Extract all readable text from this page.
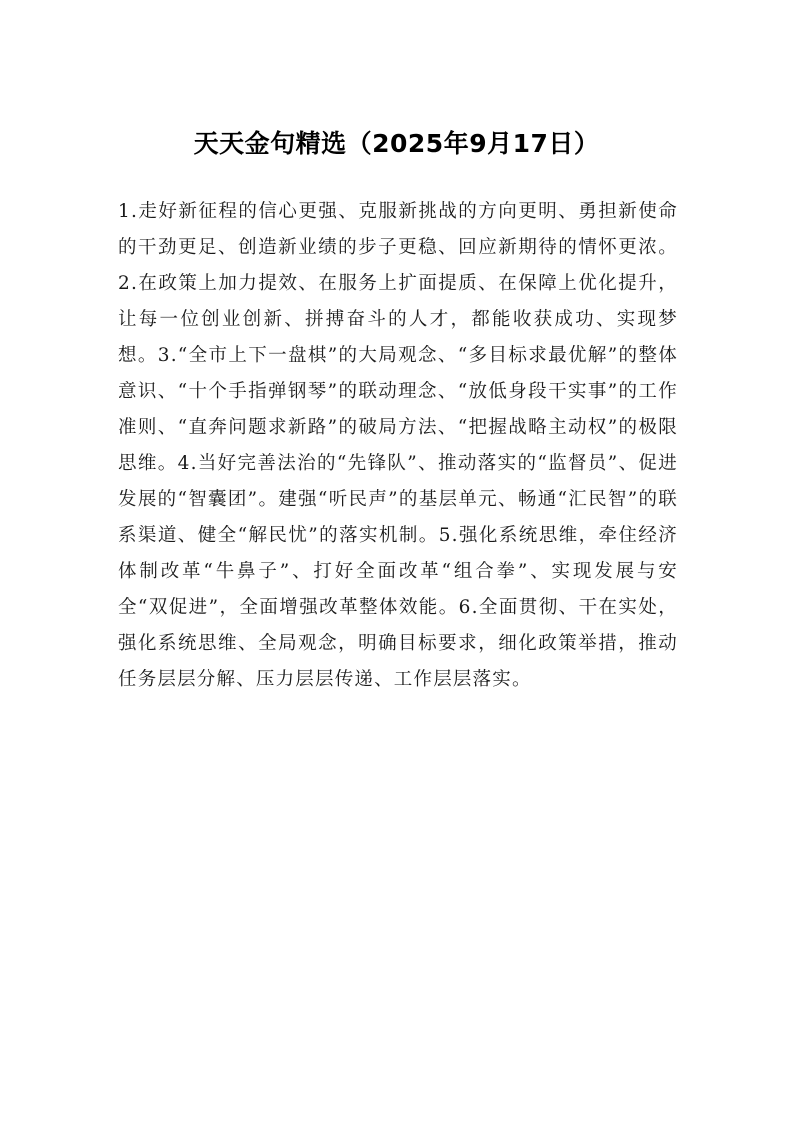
天天金句精选（2025年9月17日）
1.走好新征程的信心更强、克服新挑战的方向更明、勇担新使命的干劲更足、创造新业绩的步子更稳、回应新期待的情怀更浓。2.在政策上加力提效、在服务上扩面提质、在保障上优化提升，让每一位创业创新、拼搏奋斗的人才，都能收获成功、实现梦想。3.“全市上下一盘棋”的大局观念、“多目标求最优解”的整体意识、“十个手指弹钢琴”的联动理念、“放低身段干实事”的工作准则、“直奔问题求新路”的破局方法、“把握战略主动权”的极限思维。4.当好完善法治的“先锋队”、推动落实的“监督员”、促进发展的“智囊团”。建强“听民声”的基层单元、畅通“汇民智”的联系渠道、健全“解民忧”的落实机制。5.强化系统思维，牵住经济体制改革“牛鼻子”、打好全面改革“组合拳”、实现发展与安全“双促进”，全面增强改革整体效能。6.全面贯彻、干在实处，强化系统思维、全局观念，明确目标要求，细化政策举措，推动任务层层分解、压力层层传递、工作层层落实。
